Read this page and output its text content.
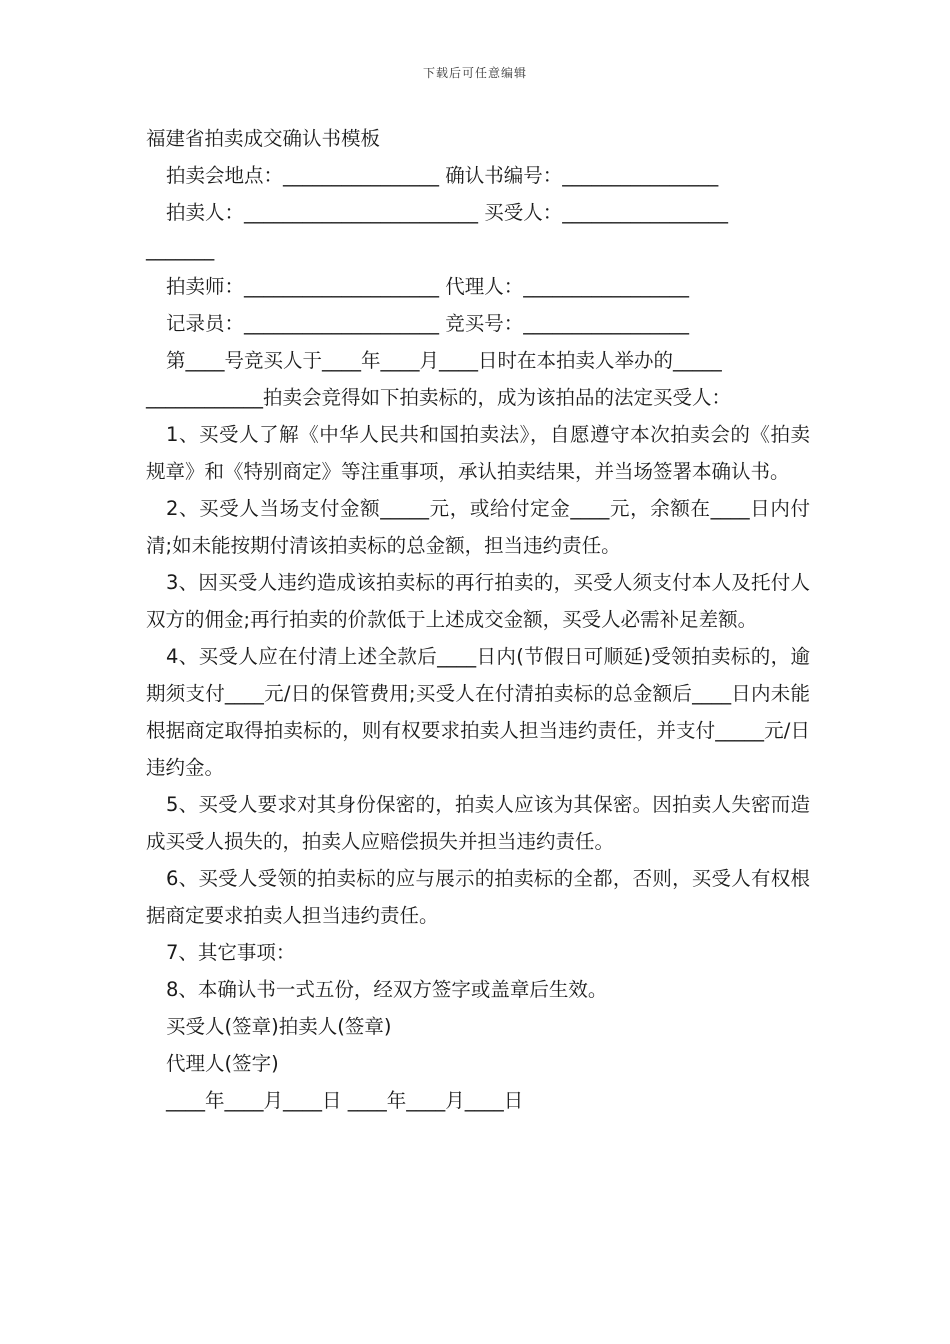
下载后可任意编辑
福建省拍卖成交确认书模板
拍卖会地点：________________ 确认书编号：________________
拍卖人：________________________ 买受人：_________________
_______
拍卖师：____________________ 代理人：_________________
记录员：____________________ 竞买号：_________________
第____号竞买人于____年____月____日时在本拍卖人举办的_____
____________拍卖会竞得如下拍卖标的，成为该拍品的法定买受人：
1、买受人了解《中华人民共和国拍卖法》，自愿遵守本次拍卖会的《拍卖规章》和《特别商定》等注重事项，承认拍卖结果，并当场签署本确认书。
2、买受人当场支付金额_____元，或给付定金____元，余额在____日内付清;如未能按期付清该拍卖标的总金额，担当违约责任。
3、因买受人违约造成该拍卖标的再行拍卖的，买受人须支付本人及托付人双方的佣金;再行拍卖的价款低于上述成交金额，买受人必需补足差额。
4、买受人应在付清上述全款后____日内(节假日可顺延)受领拍卖标的，逾期须支付____元/日的保管费用;买受人在付清拍卖标的总金额后____日内未能根据商定取得拍卖标的，则有权要求拍卖人担当违约责任，并支付_____元/日违约金。
5、买受人要求对其身份保密的，拍卖人应该为其保密。因拍卖人失密而造成买受人损失的，拍卖人应赔偿损失并担当违约责任。
6、买受人受领的拍卖标的应与展示的拍卖标的全都，否则，买受人有权根据商定要求拍卖人担当违约责任。
7、其它事项：
8、本确认书一式五份，经双方签字或盖章后生效。
买受人(签章)拍卖人(签章)
代理人(签字)
____年____月____日 ____年____月____日
